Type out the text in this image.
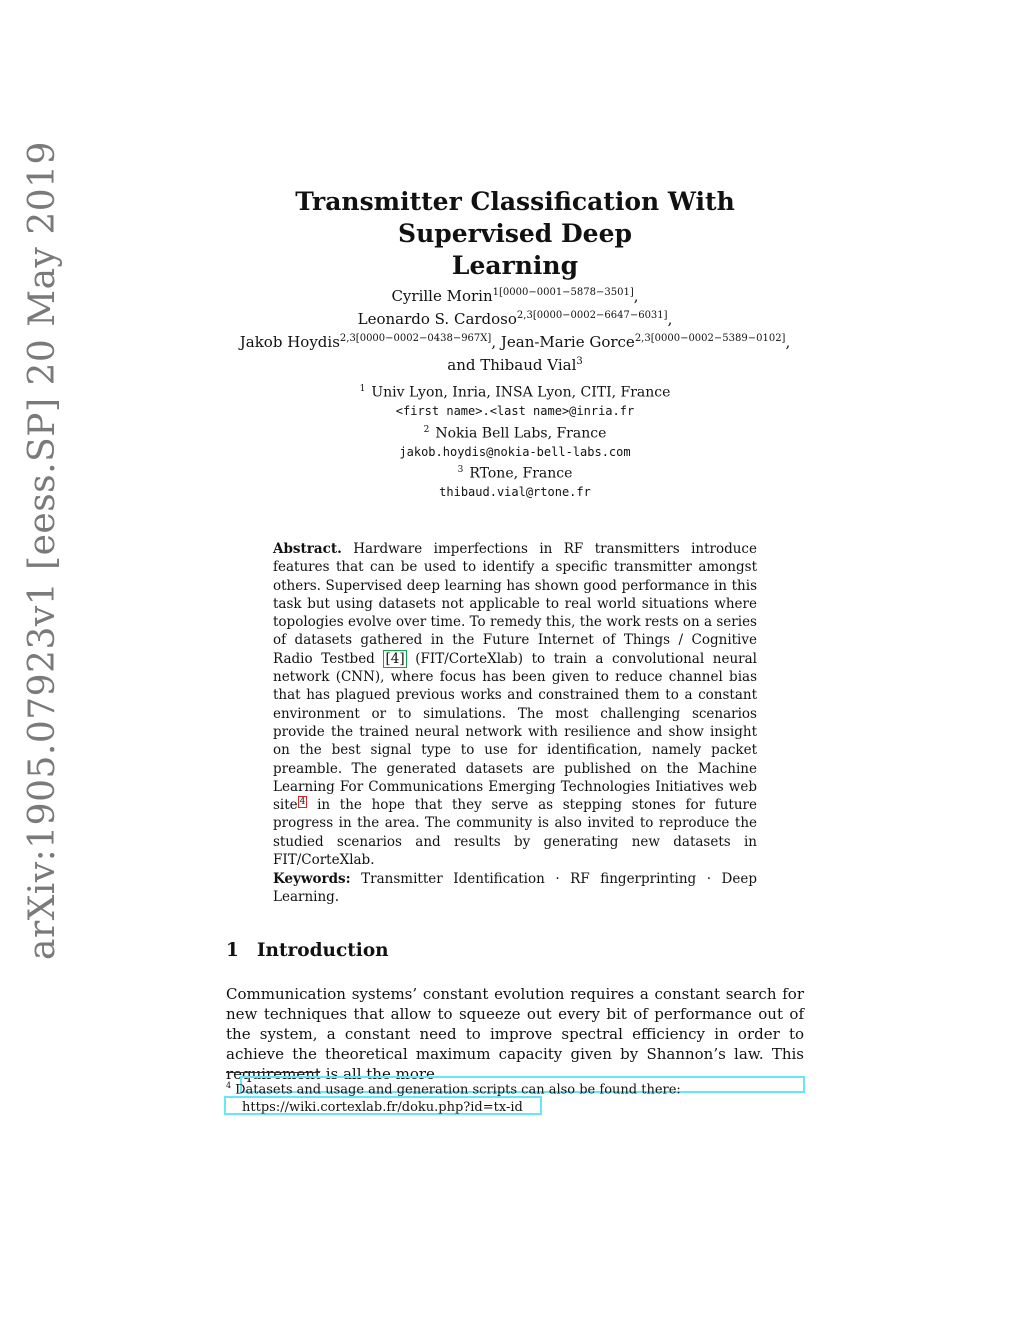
arXiv:1905.07923v1 [eess.SP] 20 May 2019	Transmitter Classification With Supervised Deep
Learning
Cyrille Morin$^{1[0000-0001-5878-3501]}$,
Leonardo S. Cardoso$^{2,3[0000-0002-6647-6031]}$,
Jakob Hoydis$^{2,3[0000-0002-0438-967X]}$, Jean-Marie Gorce$^{2,3[0000-0002-5389-0102]}$,
and Thibaud Vial$^3$
$^1$ Univ Lyon, Inria, INSA Lyon, CITI, France
<first name>.<last name>@inria.fr
$^2$ Nokia Bell Labs, France
jakob.hoydis@nokia-bell-labs.com
$^3$ RTone, France
thibaud.vial@rtone.fr
Abstract. Hardware imperfections in RF transmitters introduce features that can be used to identify a specific transmitter amongst others. Supervised deep learning has shown good performance in this task but using datasets not applicable to real world situations where topologies evolve over time. To remedy this, the work rests on a series of datasets gathered in the Future Internet of Things / Cognitive Radio Testbed [4] (FIT/CorteXlab) to train a convolutional neural network (CNN), where focus has been given to reduce channel bias that has plagued previous works and constrained them to a constant environment or to simulations. The most challenging scenarios provide the trained neural network with resilience and show insight on the best signal type to use for identification, namely packet preamble. The generated datasets are published on the Machine Learning For Communications Emerging Technologies Initiatives web site $^4$ in the hope that they serve as stepping stones for future progress in the area. The community is also invited to reproduce the studied scenarios and results by generating new datasets in FIT/CorteXlab.
Keywords: Transmitter Identification · RF fingerprinting · Deep Learning.
1 Introduction
Communication systems’ constant evolution requires a constant search for new techniques that allow to squeeze out every bit of performance out of the system, a constant need to improve spectral efficiency in order to achieve the theoretical maximum capacity given by Shannon’s law. This requirement is all the more
$^4$ Datasets and usage and generation scripts can also be found there:
https://wiki.cortexlab.fr/doku.php?id=tx-id
